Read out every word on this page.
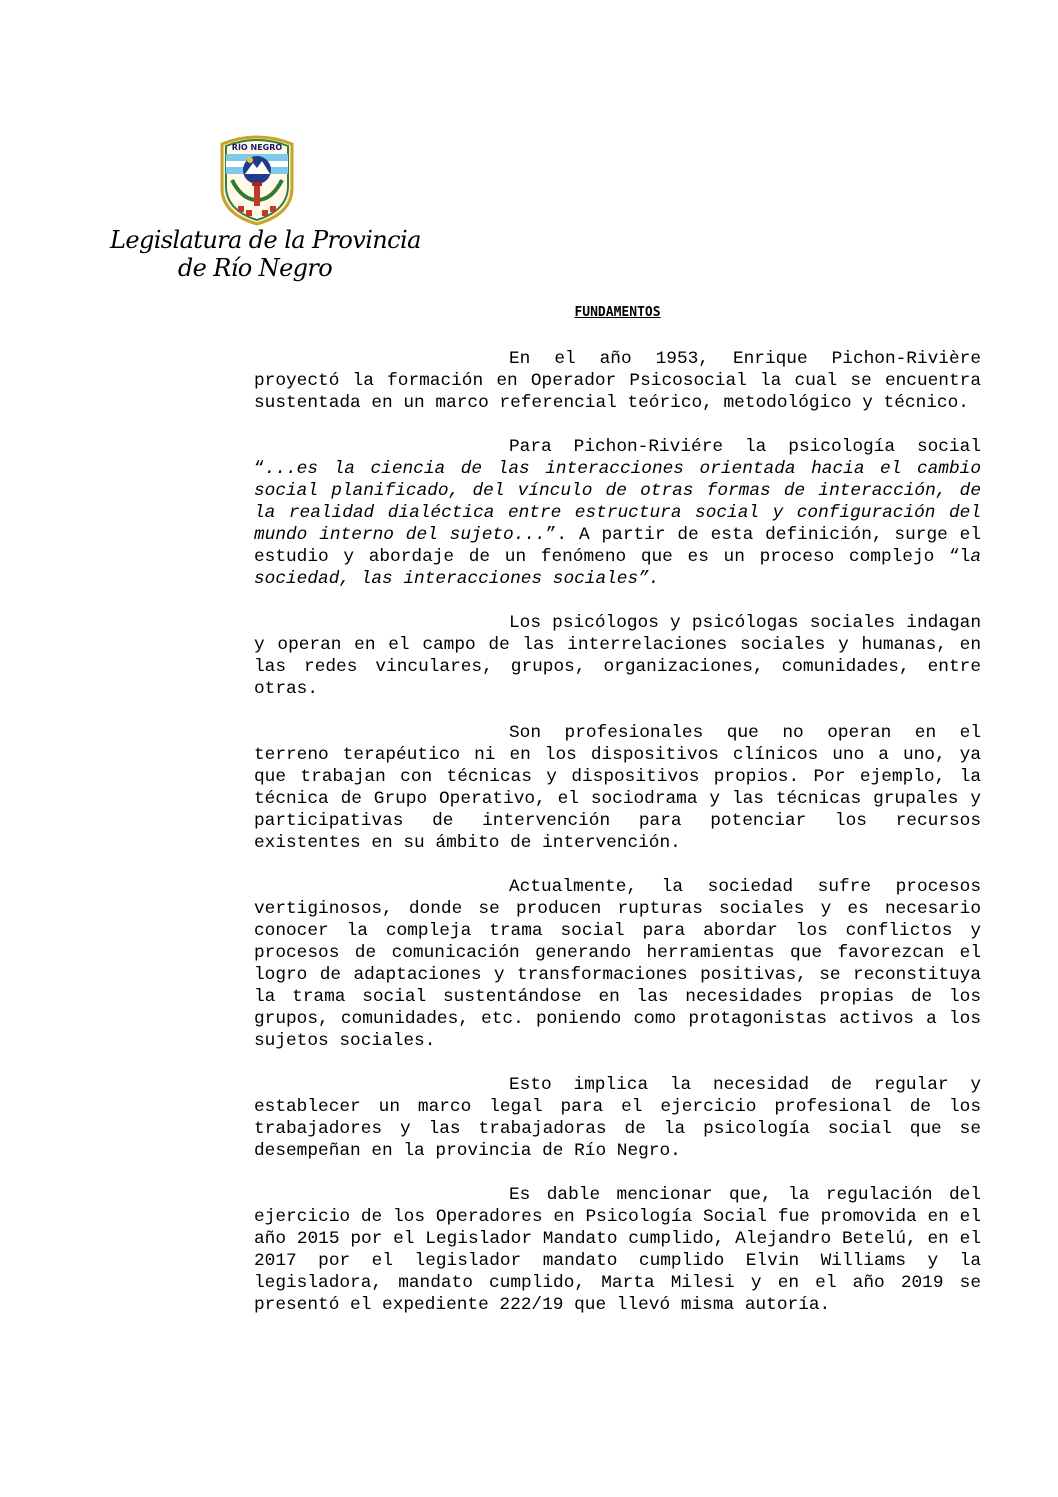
RÍO NEGRO
Legislatura de la Provincia
de Río Negro
FUNDAMENTOS

En el año 1953, Enrique Pichon-Rivière proyectó la formación en Operador Psicosocial la cual se encuentra sustentada en un marco referencial teórico, metodológico y técnico.

Para Pichon-Riviére la psicología social “...es la ciencia de las interacciones orientada hacia el cambio social planificado, del vínculo de otras formas de interacción, de la realidad dialéctica entre estructura social y configuración del mundo interno del sujeto...”. A partir de esta definición, surge el estudio y abordaje de un fenómeno que es un proceso complejo “la sociedad, las interacciones sociales”.

Los psicólogos y psicólogas sociales indagan y operan en el campo de las interrelaciones sociales y humanas, en las redes vinculares, grupos, organizaciones, comunidades, entre otras.

Son profesionales que no operan en el terreno terapéutico ni en los dispositivos clínicos uno a uno, ya que trabajan con técnicas y dispositivos propios. Por ejemplo, la técnica de Grupo Operativo, el sociodrama y las técnicas grupales y participativas de intervención para potenciar los recursos existentes en su ámbito de intervención.

Actualmente, la sociedad sufre procesos vertiginosos, donde se producen rupturas sociales y es necesario conocer la compleja trama social para abordar los conflictos y procesos de comunicación generando herramientas que favorezcan el logro de adaptaciones y transformaciones positivas, se reconstituya la trama social sustentándose en las necesidades propias de los grupos, comunidades, etc. poniendo como protagonistas activos a los sujetos sociales.

Esto implica la necesidad de regular y establecer un marco legal para el ejercicio profesional de los trabajadores y las trabajadoras de la psicología social que se desempeñan en la provincia de Río Negro.

Es dable mencionar que, la regulación del ejercicio de los Operadores en Psicología Social fue promovida en el año 2015 por el Legislador Mandato cumplido, Alejandro Betelú, en el 2017 por el legislador mandato cumplido Elvin Williams y la legisladora, mandato cumplido, Marta Milesi y en el año 2019 se presentó el expediente 222/19 que llevó misma autoría.
